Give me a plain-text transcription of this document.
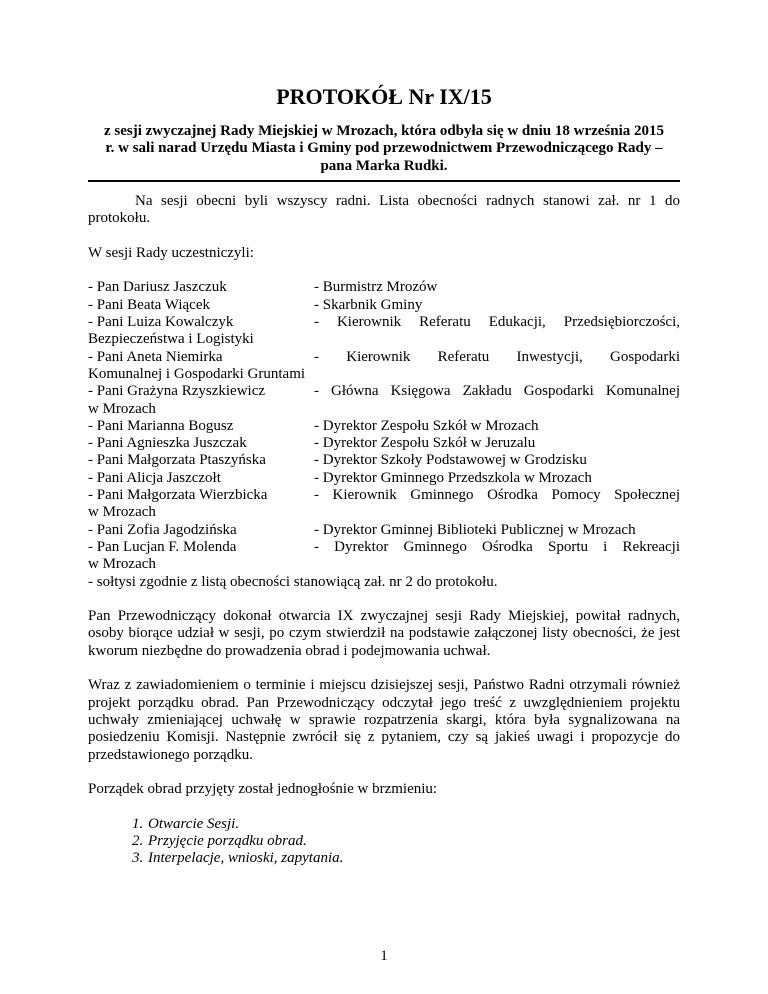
PROTOKÓŁ Nr IX/15
z sesji zwyczajnej Rady Miejskiej w Mrozach, która odbyła się w dniu 18 września 2015
r. w sali narad Urzędu Miasta i Gminy pod przewodnictwem Przewodniczącego Rady –
pana Marka Rudki.

Na sesji obecni byli wszyscy radni. Lista obecności radnych stanowi zał. nr 1 do protokołu.

W sesji Rady uczestniczyli:

- Pan Dariusz Jaszczuk	- Burmistrz Mrozów
- Pani Beata Wiącek	- Skarbnik Gminy
- Pani Luiza Kowalczyk	- Kierownik Referatu Edukacji, Przedsiębiorczości,
Bezpieczeństwa i Logistyki
- Pani Aneta Niemirka	- Kierownik Referatu Inwestycji, Gospodarki
Komunalnej i Gospodarki Gruntami
- Pani Grażyna Rzyszkiewicz	- Główna Księgowa Zakładu Gospodarki Komunalnej
w Mrozach
- Pani Marianna Bogusz	- Dyrektor Zespołu Szkół w Mrozach
- Pani Agnieszka Juszczak	- Dyrektor Zespołu Szkół w Jeruzalu
- Pani Małgorzata Ptaszyńska	- Dyrektor Szkoły Podstawowej w Grodzisku
- Pani Alicja Jaszczołt	- Dyrektor Gminnego Przedszkola w Mrozach
- Pani Małgorzata Wierzbicka	- Kierownik Gminnego Ośrodka Pomocy Społecznej
w Mrozach
- Pani Zofia Jagodzińska	- Dyrektor Gminnej Biblioteki Publicznej w Mrozach
- Pan Lucjan F. Molenda	- Dyrektor Gminnego Ośrodka Sportu i Rekreacji
w Mrozach

- sołtysi zgodnie z listą obecności stanowiącą zał. nr 2 do protokołu.

Pan Przewodniczący dokonał otwarcia IX zwyczajnej sesji Rady Miejskiej, powitał radnych, osoby biorące udział w sesji, po czym stwierdził na podstawie załączonej listy obecności, że jest kworum niezbędne do prowadzenia obrad i podejmowania uchwał.

Wraz z zawiadomieniem o terminie i miejscu dzisiejszej sesji, Państwo Radni otrzymali również projekt porządku obrad. Pan Przewodniczący odczytał jego treść z uwzględnieniem projektu uchwały zmieniającej uchwałę w sprawie rozpatrzenia skargi, która była sygnalizowana na posiedzeniu Komisji. Następnie zwrócił się z pytaniem, czy są jakieś uwagi i propozycje do przedstawionego porządku.

Porządek obrad przyjęty został jednogłośnie w brzmieniu:

1. Otwarcie Sesji.
2. Przyjęcie porządku obrad.
3. Interpelacje, wnioski, zapytania.
1
